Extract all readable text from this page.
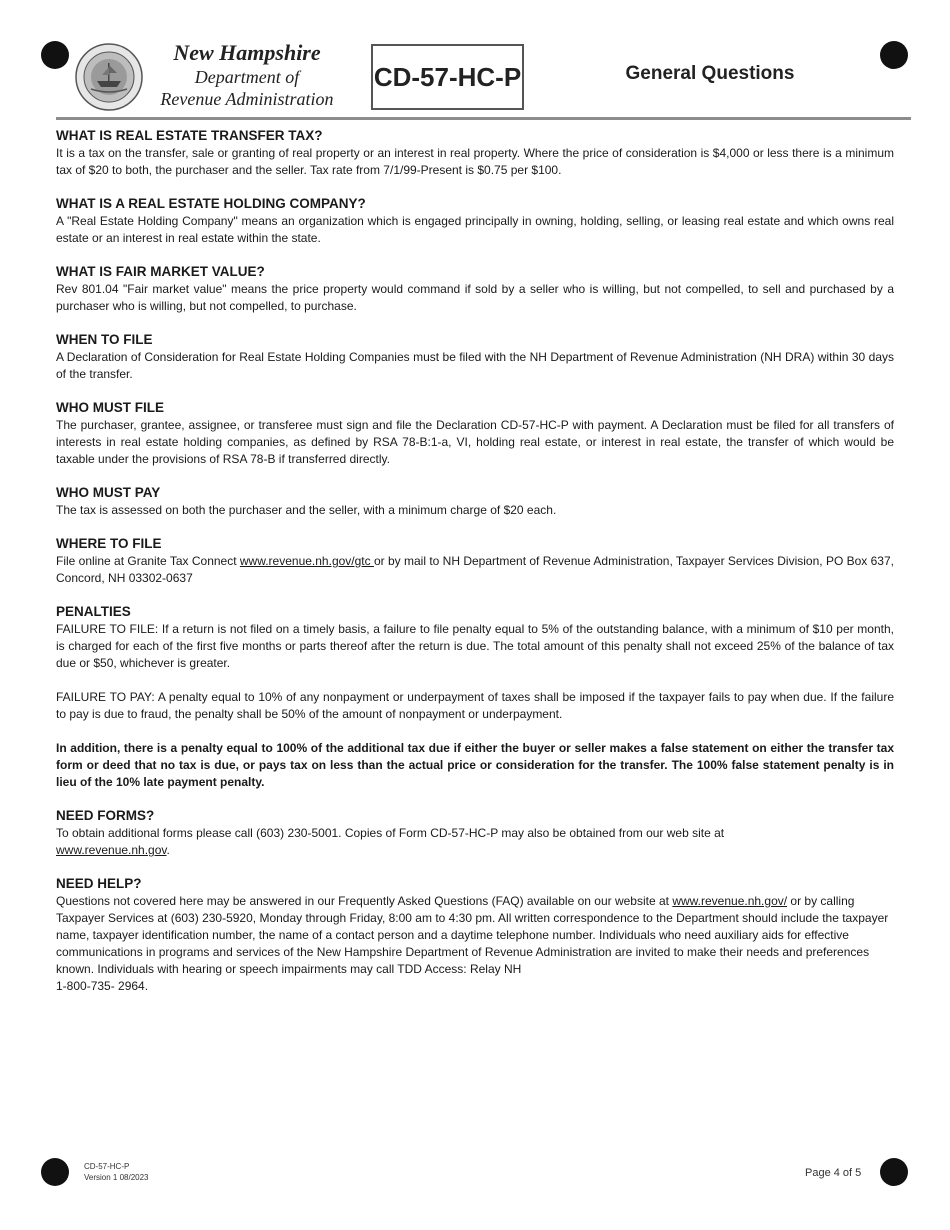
New Hampshire
Department of
Revenue Administration
CD-57-HC-P	General Questions
WHAT IS REAL ESTATE TRANSFER TAX?

It is a tax on the transfer, sale or granting of real property or an interest in real property. Where the price of consideration is $4,000 or less there is a minimum tax of $20 to both, the purchaser and the seller. Tax rate from 7/1/99-Present is $0.75 per $100.

WHAT IS A REAL ESTATE HOLDING COMPANY?

A "Real Estate Holding Company" means an organization which is engaged principally in owning, holding, selling, or leasing real estate and which owns real estate or an interest in real estate within the state.

WHAT IS FAIR MARKET VALUE?

Rev 801.04 "Fair market value" means the price property would command if sold by a seller who is willing, but not compelled, to sell and purchased by a purchaser who is willing, but not compelled, to purchase.

WHEN TO FILE

A Declaration of Consideration for Real Estate Holding Companies must be filed with the NH Department of Revenue Administration (NH DRA) within 30 days of the transfer.

WHO MUST FILE

The purchaser, grantee, assignee, or transferee must sign and file the Declaration CD-57-HC-P with payment. A Declaration must be filed for all transfers of interests in real estate holding companies, as defined by RSA 78-B:1-a, VI, holding real estate, or interest in real estate, the transfer of which would be taxable under the provisions of RSA 78-B if transferred directly.

WHO MUST PAY

The tax is assessed on both the purchaser and the seller, with a minimum charge of $20 each.

WHERE TO FILE

File online at Granite Tax Connect www.revenue.nh.gov/gtc or by mail to NH Department of Revenue Administration, Taxpayer Services Division, PO Box 637, Concord, NH 03302-0637

PENALTIES

FAILURE TO FILE: If a return is not filed on a timely basis, a failure to file penalty equal to 5% of the outstanding balance, with a minimum of $10 per month, is charged for each of the first five months or parts thereof after the return is due. The total amount of this penalty shall not exceed 25% of the balance of tax due or $50, whichever is greater.

FAILURE TO PAY: A penalty equal to 10% of any nonpayment or underpayment of taxes shall be imposed if the taxpayer fails to pay when due. If the failure to pay is due to fraud, the penalty shall be 50% of the amount of nonpayment or underpayment.

In addition, there is a penalty equal to 100% of the additional tax due if either the buyer or seller makes a false statement on either the transfer tax form or deed that no tax is due, or pays tax on less than the actual price or consideration for the transfer. The 100% false statement penalty is in lieu of the 10% late payment penalty.

NEED FORMS?

To obtain additional forms please call (603) 230-5001. Copies of Form CD-57-HC-P may also be obtained from our web site at
www.revenue.nh.gov.

NEED HELP?

Questions not covered here may be answered in our Frequently Asked Questions (FAQ) available on our website at www.revenue.nh.gov/ or by calling Taxpayer Services at (603) 230-5920, Monday through Friday, 8:00 am to 4:30 pm. All written correspondence to the Department should include the taxpayer name, taxpayer identification number, the name of a contact person and a daytime telephone number. Individuals who need auxiliary aids for effective communications in programs and services of the New Hampshire Department of Revenue Administration are invited to make their needs and preferences known. Individuals with hearing or speech impairments may call TDD Access: Relay NH
1-800-735- 2964.

CD-57-HC-P
Version 1 08/2023	Page 4 of 5
